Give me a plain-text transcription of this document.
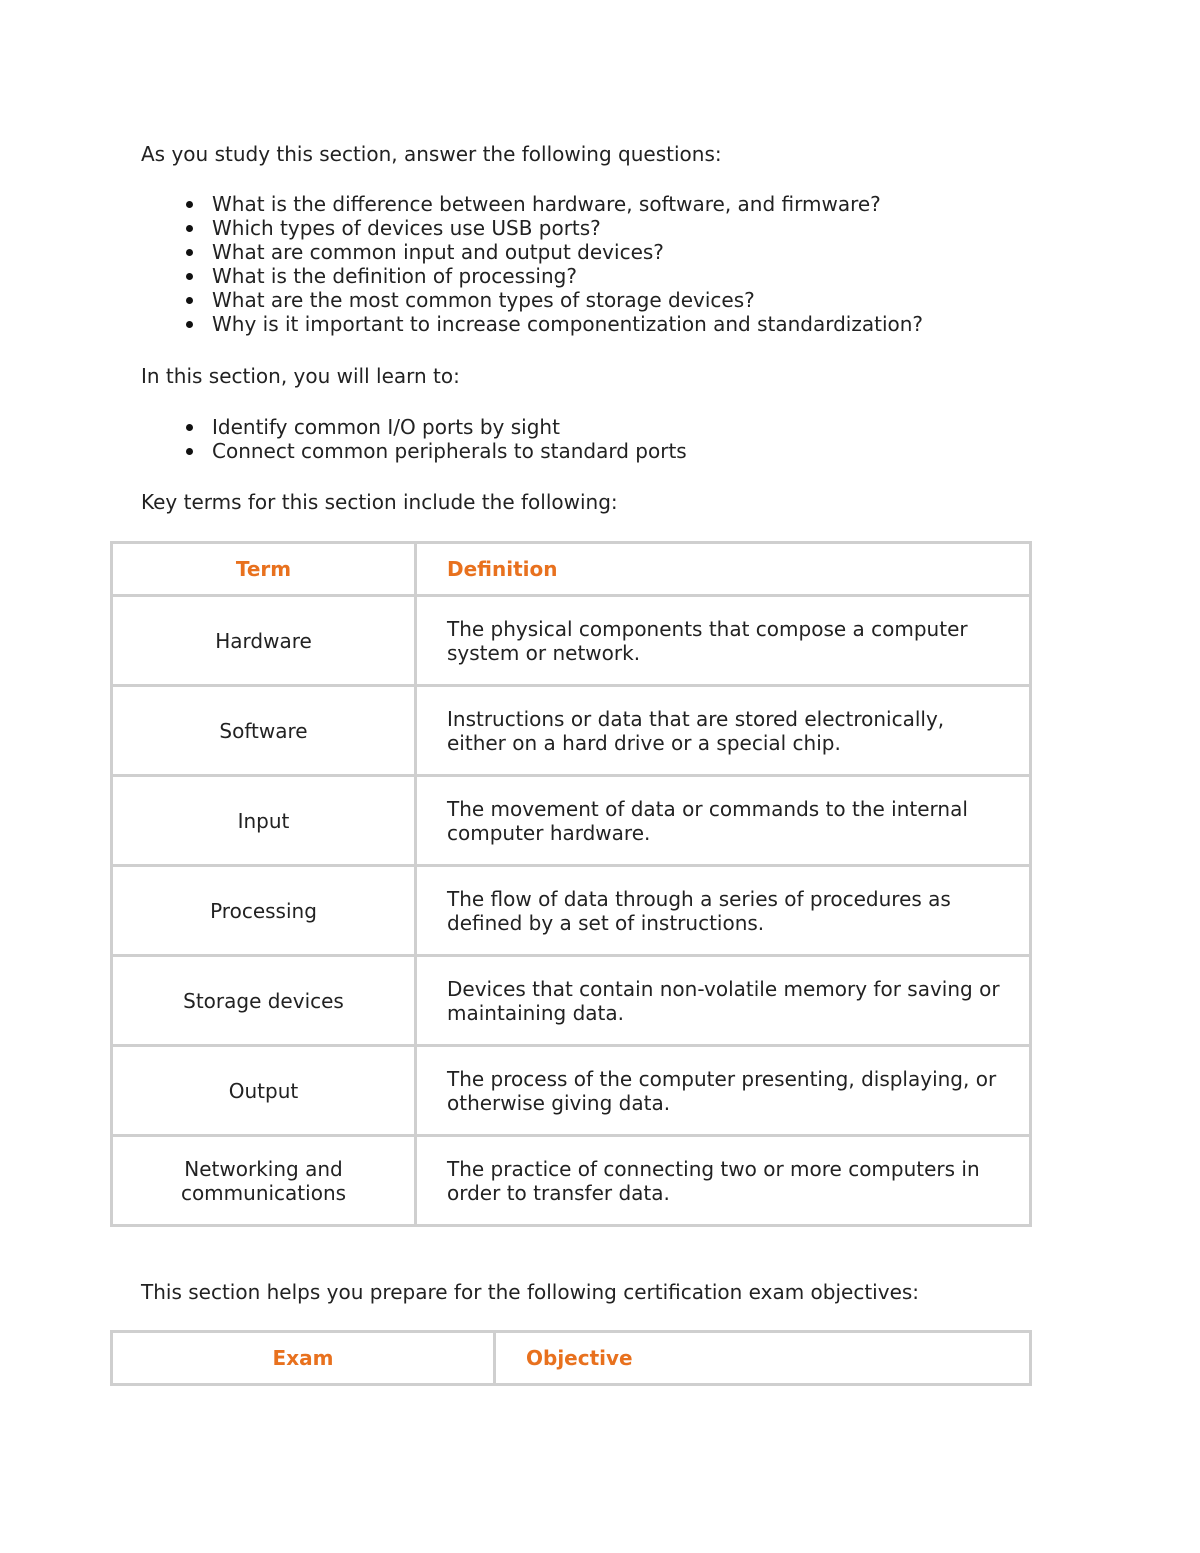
As you study this section, answer the following questions:

What is the difference between hardware, software, and firmware?
Which types of devices use USB ports?
What are common input and output devices?
What is the definition of processing?
What are the most common types of storage devices?
Why is it important to increase componentization and standardization?

In this section, you will learn to:

Identify common I/O ports by sight
Connect common peripherals to standard ports

Key terms for this section include the following:

Term	Definition
Hardware	The physical components that compose a computer system or network.
Software	Instructions or data that are stored electronically, either on a hard drive or a special chip.
Input	The movement of data or commands to the internal computer hardware.
Processing	The flow of data through a series of procedures as defined by a set of instructions.
Storage devices	Devices that contain non-volatile memory for saving or maintaining data.
Output	The process of the computer presenting, displaying, or otherwise giving data.
Networking and communications	The practice of connecting two or more computers in order to transfer data.

This section helps you prepare for the following certification exam objectives:

Exam	Objective
